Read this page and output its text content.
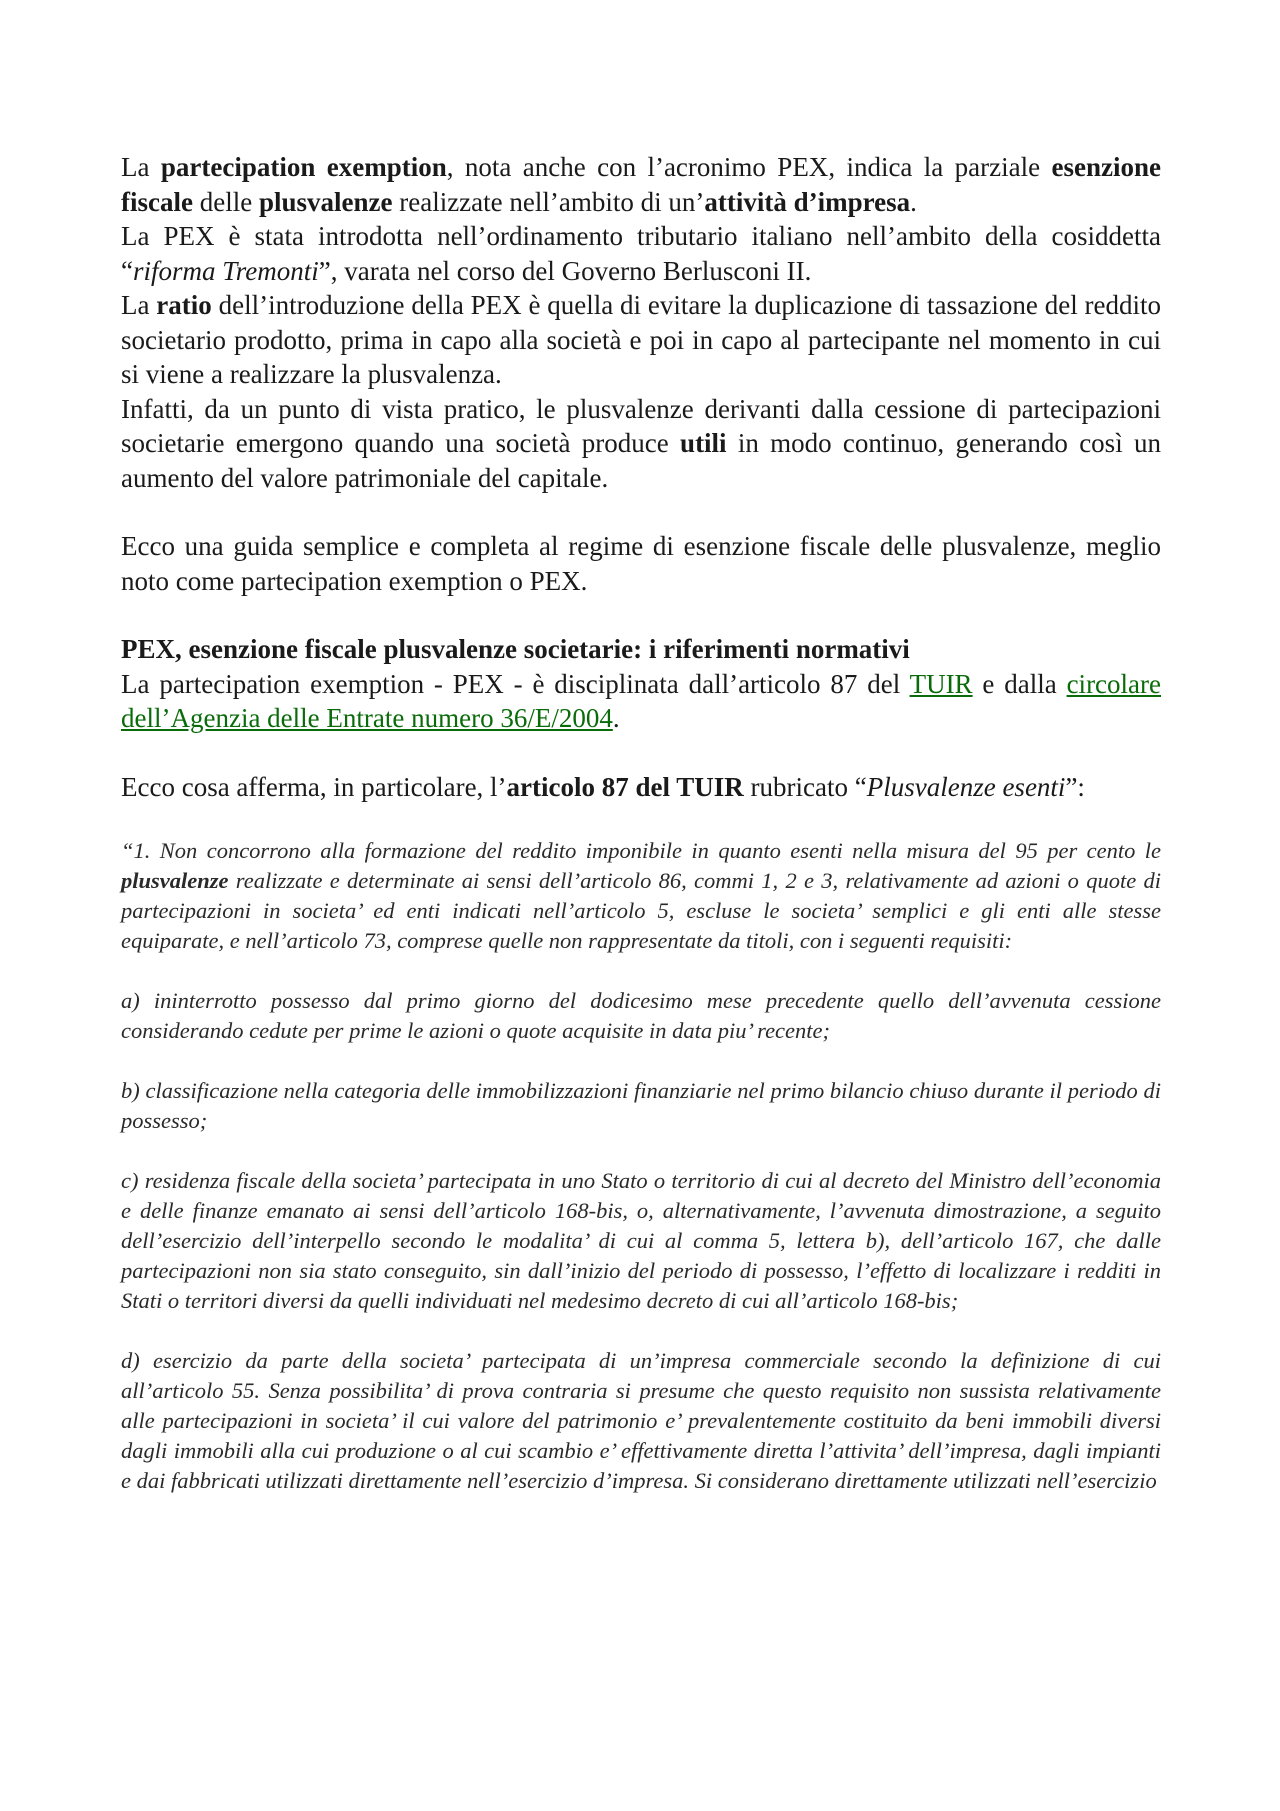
La partecipation exemption, nota anche con l’acronimo PEX, indica la parziale esenzione fiscale delle plusvalenze realizzate nell’ambito di un’attività d’impresa.

La PEX è stata introdotta nell’ordinamento tributario italiano nell’ambito della cosiddetta “riforma Tremonti”, varata nel corso del Governo Berlusconi II.

La ratio dell’introduzione della PEX è quella di evitare la duplicazione di tassazione del reddito societario prodotto, prima in capo alla società e poi in capo al partecipante nel momento in cui si viene a realizzare la plusvalenza.

Infatti, da un punto di vista pratico, le plusvalenze derivanti dalla cessione di partecipazioni societarie emergono quando una società produce utili in modo continuo, generando così un aumento del valore patrimoniale del capitale.

Ecco una guida semplice e completa al regime di esenzione fiscale delle plusvalenze, meglio noto come partecipation exemption o PEX.

PEX, esenzione fiscale plusvalenze societarie: i riferimenti normativi

La partecipation exemption - PEX - è disciplinata dall’articolo 87 del TUIR e dalla circolare dell’Agenzia delle Entrate numero 36/E/2004.

Ecco cosa afferma, in particolare, l’articolo 87 del TUIR rubricato “Plusvalenze esenti”:

“1. Non concorrono alla formazione del reddito imponibile in quanto esenti nella misura del 95 per cento le plusvalenze realizzate e determinate ai sensi dell’articolo 86, commi 1, 2 e 3, relativamente ad azioni o quote di partecipazioni in societa’ ed enti indicati nell’articolo 5, escluse le societa’ semplici e gli enti alle stesse equiparate, e nell’articolo 73, comprese quelle non rappresentate da titoli, con i seguenti requisiti:

a) ininterrotto possesso dal primo giorno del dodicesimo mese precedente quello dell’avvenuta cessione considerando cedute per prime le azioni o quote acquisite in data piu’ recente;

b) classificazione nella categoria delle immobilizzazioni finanziarie nel primo bilancio chiuso durante il periodo di possesso;

c) residenza fiscale della societa’ partecipata in uno Stato o territorio di cui al decreto del Ministro dell’economia e delle finanze emanato ai sensi dell’articolo 168-bis, o, alternativamente, l’avvenuta dimostrazione, a seguito dell’esercizio dell’interpello secondo le modalita’ di cui al comma 5, lettera b), dell’articolo 167, che dalle partecipazioni non sia stato conseguito, sin dall’inizio del periodo di possesso, l’effetto di localizzare i redditi in Stati o territori diversi da quelli individuati nel medesimo decreto di cui all’articolo 168-bis;

d) esercizio da parte della societa’ partecipata di un’impresa commerciale secondo la definizione di cui all’articolo 55. Senza possibilita’ di prova contraria si presume che questo requisito non sussista relativamente alle partecipazioni in societa’ il cui valore del patrimonio e’ prevalentemente costituito da beni immobili diversi dagli immobili alla cui produzione o al cui scambio e’ effettivamente diretta l’attivita’ dell’impresa, dagli impianti e dai fabbricati utilizzati direttamente nell’esercizio d’impresa. Si considerano direttamente utilizzati nell’esercizio
